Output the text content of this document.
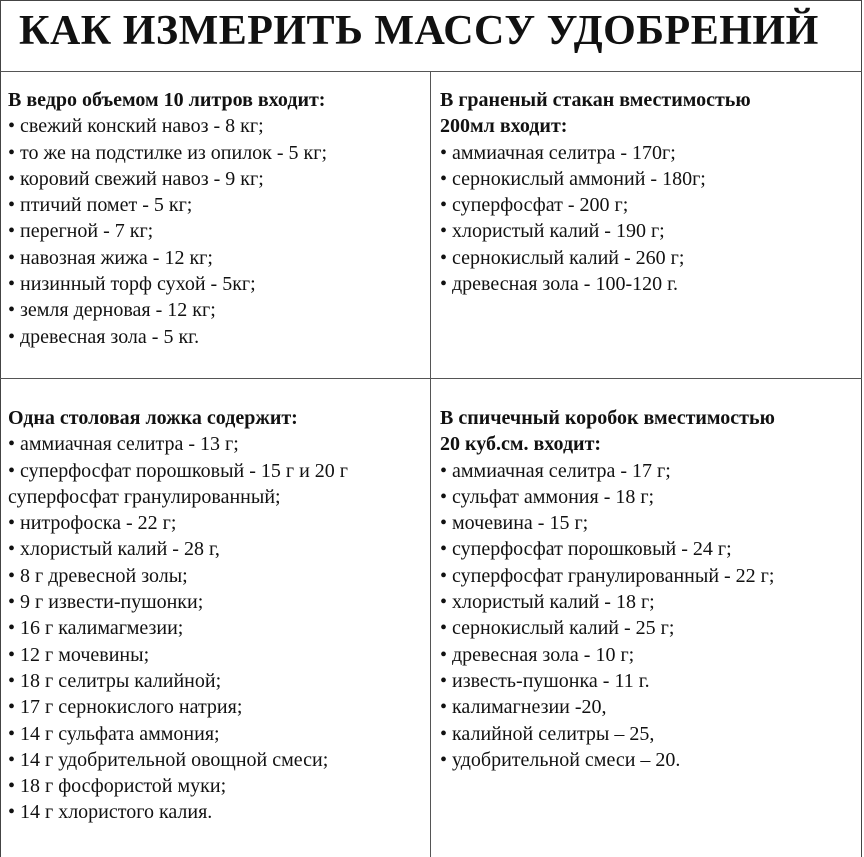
КАК ИЗМЕРИТЬ МАССУ УДОБРЕНИЙ
В ведро объемом 10 литров входит:
• свежий конский навоз - 8 кг;
• то же на подстилке из опилок - 5 кг;
• коровий свежий навоз - 9 кг;
• птичий помет - 5 кг;
• перегной - 7 кг;
• навозная жижа - 12 кг;
• низинный торф сухой - 5кг;
• земля дерновая - 12 кг;
• древесная зола - 5 кг.
В граненый стакан вместимостью
200мл входит:
• аммиачная селитра - 170г;
• сернокислый аммоний - 180г;
• суперфосфат - 200 г;
• хлористый калий - 190 г;
• сернокислый калий - 260 г;
• древесная зола - 100-120 г.
Одна столовая ложка содержит:
• аммиачная селитра - 13 г;
• суперфосфат порошковый - 15 г и 20 г
суперфосфат гранулированный;
• нитрофоска - 22 г;
• хлористый калий - 28 г,
• 8 г древесной золы;
• 9 г извести-пушонки;
• 16 г калимагмезии;
• 12 г мочевины;
• 18 г селитры калийной;
• 17 г сернокислого натрия;
• 14 г сульфата аммония;
• 14 г удобрительной овощной смеси;
• 18 г фосфористой муки;
• 14 г хлористого калия.
В спичечный коробок вместимостью
20 куб.см. входит:
• аммиачная селитра - 17 г;
• сульфат аммония - 18 г;
• мочевина - 15 г;
• суперфосфат порошковый - 24 г;
• суперфосфат гранулированный - 22 г;
• хлористый калий - 18 г;
• сернокислый калий - 25 г;
• древесная зола - 10 г;
• известь-пушонка - 11 г.
• калимагнезии -20,
• калийной селитры – 25,
• удобрительной смеси – 20.
